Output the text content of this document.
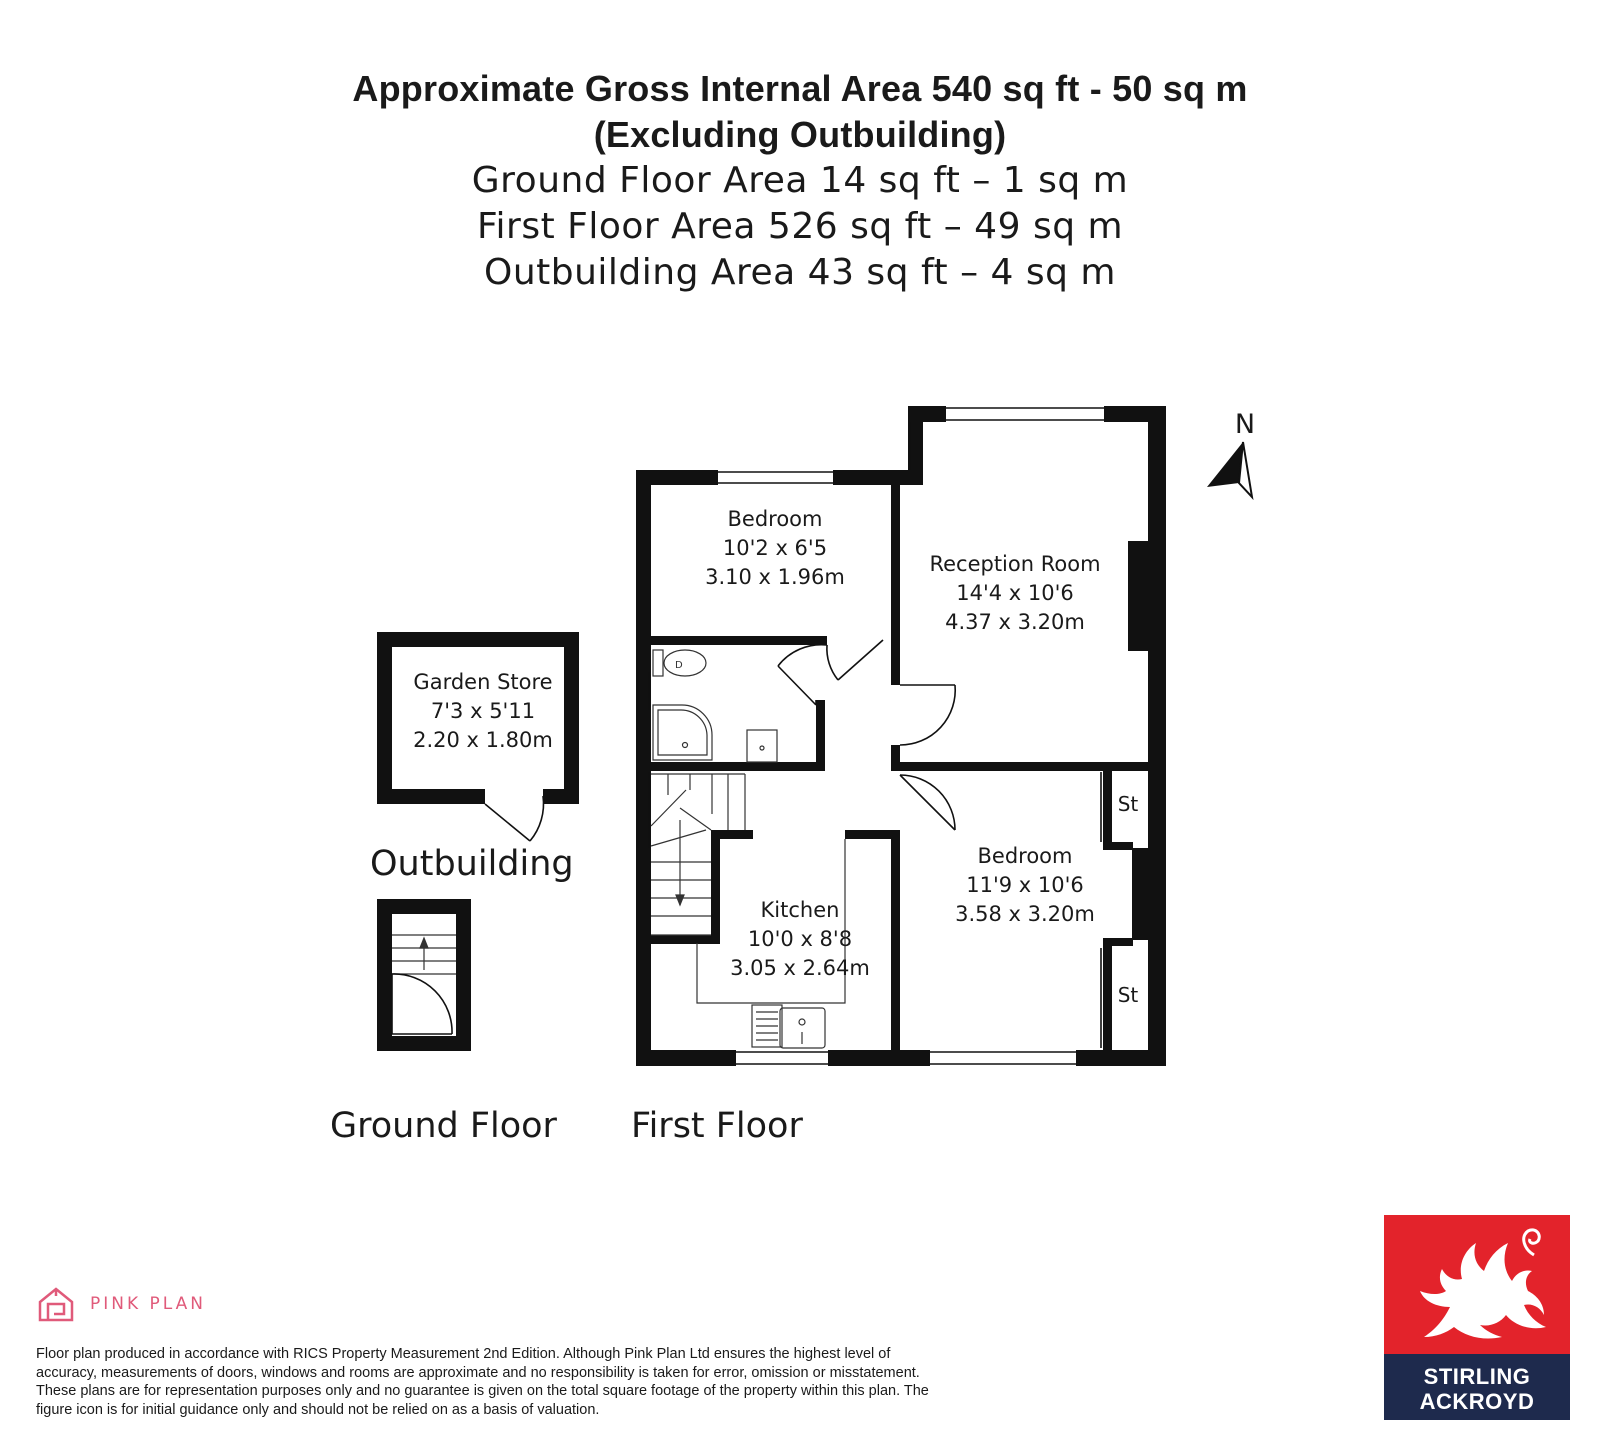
Approximate Gross Internal Area 540 sq ft - 50 sq m
(Excluding Outbuilding)
Ground Floor Area 14 sq ft – 1 sq m
First Floor Area 526 sq ft – 49 sq m
Outbuilding Area 43 sq ft – 4 sq m
D
N
Bedroom
10'2 x 6'5
3.10 x 1.96m
Reception Room
14'4 x 10'6
4.37 x 3.20m
Kitchen
10'0 x 8'8
3.05 x 2.64m
Bedroom
11'9 x 10'6
3.58 x 3.20m
Garden Store
7'3 x 5'11
2.20 x 1.80m
St
St
Outbuilding
Ground Floor First Floor
PINK PLAN
Floor plan produced in accordance with RICS Property Measurement 2nd Edition. Although Pink Plan Ltd ensures the highest level of accuracy, measurements of doors, windows and rooms are approximate and no responsibility is taken for error, omission or misstatement. These plans are for representation purposes only and no guarantee is given on the total square footage of the property within this plan. The figure icon is for initial guidance only and should not be relied on as a basis of valuation.
STIRLING
ACKROYD
